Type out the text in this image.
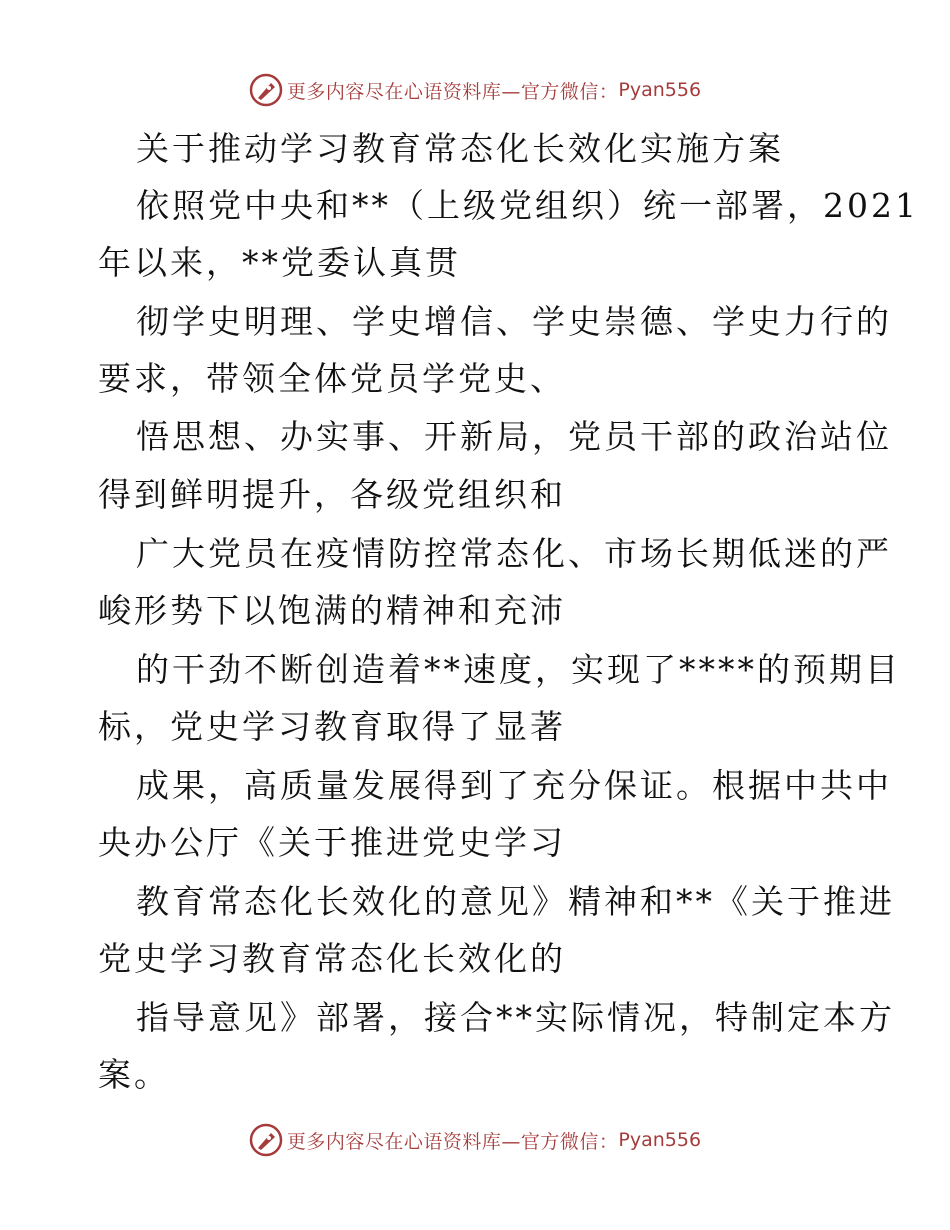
更多内容尽在心语资料库—官方微信： Pyan556
关于推动学习教育常态化长效化实施方案
依照党中央和**（上级党组织）统一部署，2021
年以来，**党委认真贯
彻学史明理、学史增信、学史崇德、学史力行的
要求，带领全体党员学党史、
悟思想、办实事、开新局，党员干部的政治站位
得到鲜明提升，各级党组织和
广大党员在疫情防控常态化、市场长期低迷的严
峻形势下以饱满的精神和充沛
的干劲不断创造着**速度，实现了****的预期目
标，党史学习教育取得了显著
成果，高质量发展得到了充分保证。根据中共中
央办公厅《关于推进党史学习
教育常态化长效化的意见》精神和**《关于推进
党史学习教育常态化长效化的
指导意见》部署，接合**实际情况，特制定本方
案。
更多内容尽在心语资料库—官方微信： Pyan556
